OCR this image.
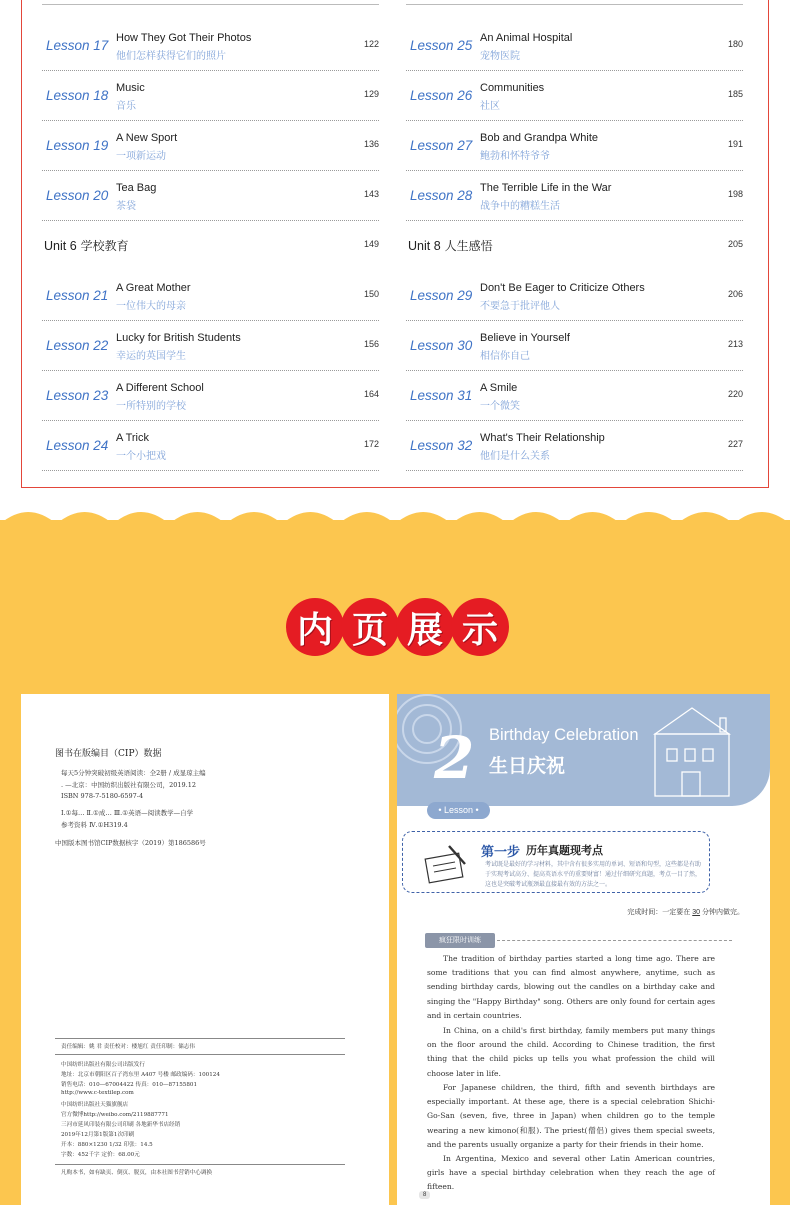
Lesson 17 How They Got Their Photos
他们怎样获得它们的照片
122
Lesson 18 Music
音乐
129
Lesson 19 A New Sport
一项新运动
136
Lesson 20 Tea Bag
茶袋
143
Unit 6 学校教育	149
Lesson 21 A Great Mother
一位伟大的母亲
150
Lesson 22 Lucky for British Students
幸运的英国学生
156
Lesson 23 A Different School
一所特别的学校
164
Lesson 24 A Trick
一个小把戏
172
Lesson 25 An Animal Hospital
宠物医院
180
Lesson 26 Communities
社区
185
Lesson 27 Bob and Grandpa White
鲍勃和怀特爷爷
191
Lesson 28 The Terrible Life in the War
战争中的糟糕生活
198
Unit 8 人生感悟	205
Lesson 29 Don't Be Eager to Criticize Others
不要急于批评他人
206
Lesson 30 Believe in Yourself
相信你自己
213
Lesson 31 A Smile
一个微笑
220
Lesson 32 What's Their Relationship
他们是什么关系
227
内 页 展 示
图书在版编目（CIP）数据
每天5分钟突破初级英语阅读：全2册 / 成显琼主编
. —北京：中国纺织出版社有限公司，2019.12
ISBN 978-7-5180-6597-4
Ⅰ.①每… Ⅱ.①成… Ⅲ.①英语—阅读教学—自学
参考资料 Ⅳ.①H319.4
中国版本图书馆CIP数据核字（2019）第186586号
责任编辑：姚 君 责任校对：楼旭红 责任印制：储志伟
中国纺织出版社有限公司出版发行
地址：北京市朝阳区百子湾东里 A407 号楼 邮政编码：100124
销售电话：010—67004422 传真：010—87155801
http://www.c-textilep.com
中国纺织出版社天猫旗舰店
官方微博http://weibo.com/2119887771
三河市延风印装有限公司印刷 各地新华书店经销
2019年12月第1版第1次印刷
开本：880×1230 1/32 印张：14.5
字数：452千字 定价：68.00元
凡购本书，如有缺页、倒页、脱页，由本社图书营销中心调换
2 Birthday Celebration
生日庆祝
• Lesson •
第一步 历年真题现考点
考试既是最好的学习材料，其中含有很多实用的单词、短语和句型，这些都是有助于实现考试高分、提高英语水平的重要财富！通过仔细研究真题，考点一目了然，这也是突破考试瓶颈最直接最有效的方法之一。
完成时间：一定要在 30 分钟内做完。
疯狂限时训练
The tradition of birthday parties started a long time ago. There are some traditions that you can find almost anywhere, anytime, such as sending birthday cards, blowing out the candles on a birthday cake and singing the "Happy Birthday" song. Others are only found for certain ages and in certain countries.
In China, on a child's first birthday, family members put many things on the floor around the child. According to Chinese tradition, the first thing that the child picks up tells you what profession the child will choose later in life.
For Japanese children, the third, fifth and seventh birthdays are especially important. At these age, there is a special celebration Shichi-Go-San (seven, five, three in Japan) when children go to the temple wearing a new kimono(和服). The priest(僧侣) gives them special sweets, and the parents usually organize a party for their friends in their home.
In Argentina, Mexico and several other Latin American countries, girls have a special birthday celebration when they reach the age of fifteen.
8
